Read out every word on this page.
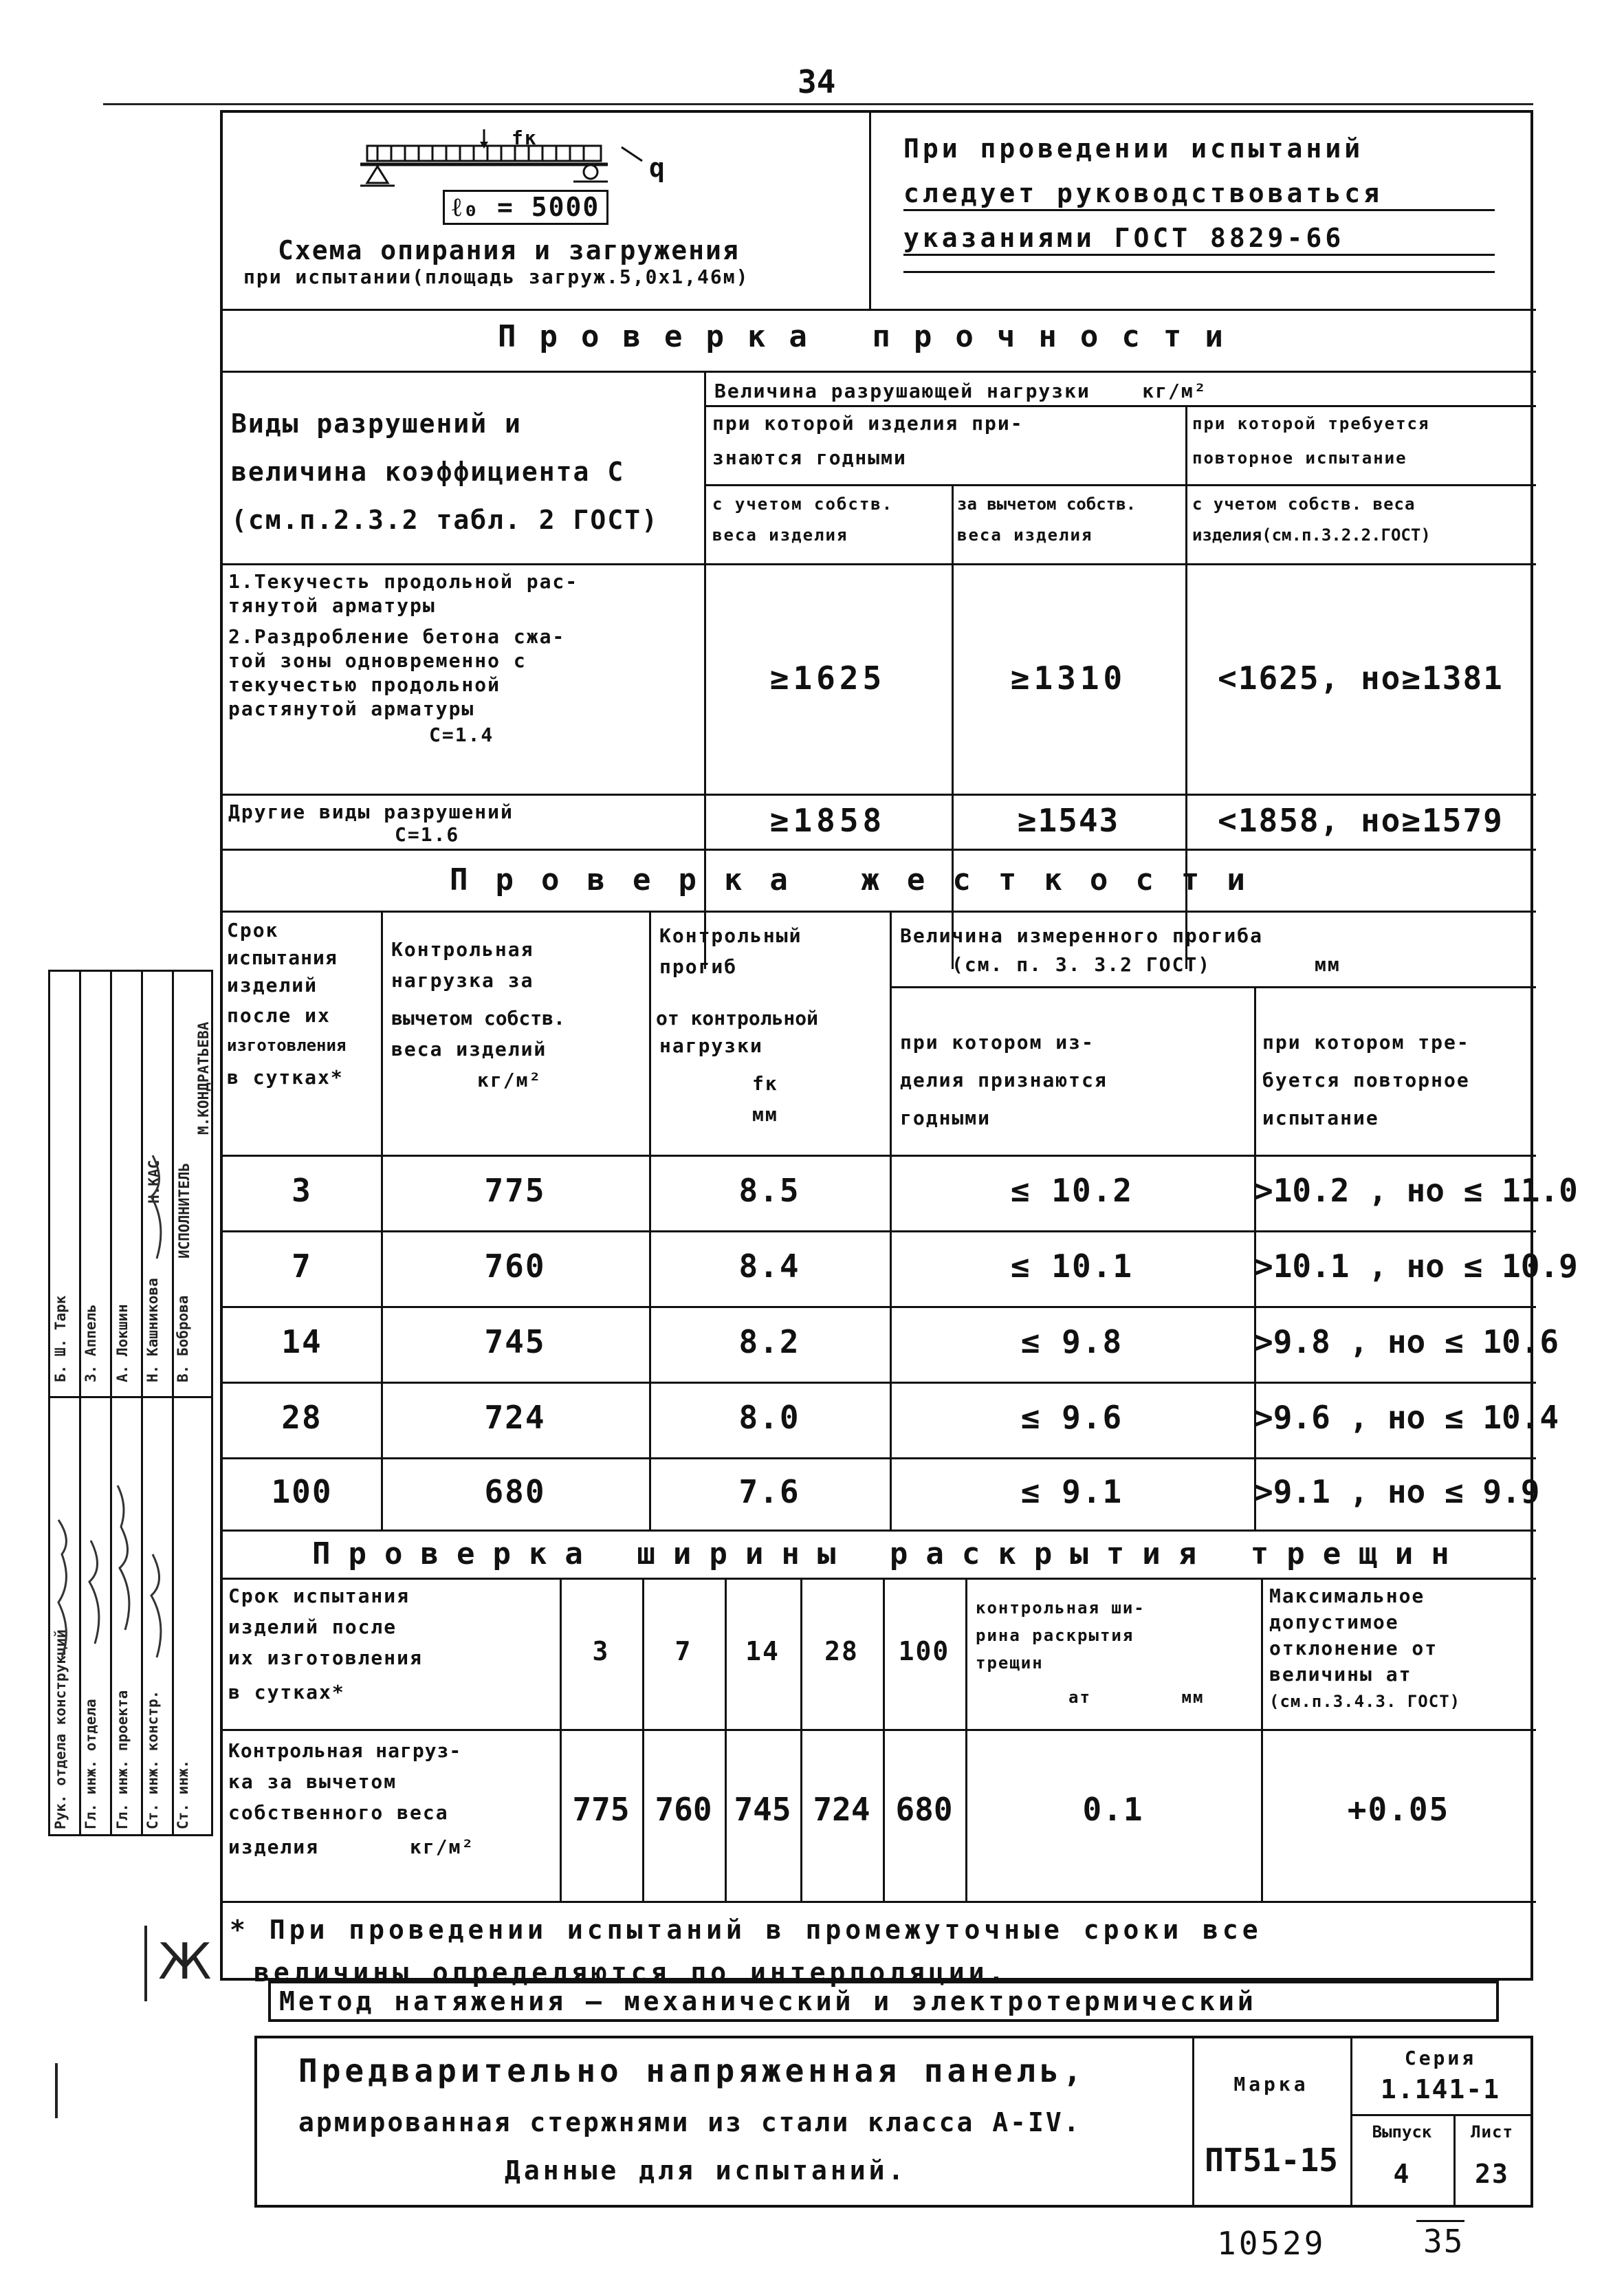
34
fк
q
ℓ₀ = 5000
Схема опирания и загружения
при испытании(площадь загруж.5,0х1,46м)
При проведении испытаний
следует руководствоваться
указаниями ГОСТ 8829-66
Проверка прочности
Виды разрушений и
величина коэффициента С
(см.п.2.3.2 табл. 2 ГОСТ)
Величина разрушающей нагрузки    кг/м²
при которой изделия при-
знаются годными
при которой требуется
повторное испытание
с учетом собств.
веса изделия
за вычетом собств.
веса изделия
с учетом собств. веса
изделия(см.п.3.2.2.ГОСТ)
1.Текучесть продольной рас-
тянутой арматуры
2.Раздробление бетона сжа-
той зоны одновременно с
текучестью продольной
растянутой арматуры
С=1.4
≥1625	≥1310	<1625, но≥1381
Другие виды разрушений
С=1.6	≥1858	≥1543	<1858, но≥1579
Проверка жесткости
Срок
испытания
изделий
после их
изготовления
в сутках*
Контрольная
нагрузка за
вычетом собств.
веса изделий
кг/м²
Контрольный
прогиб
от контрольной
нагрузки
fк
мм
Величина измеренного прогиба
(см. п. 3. 3.2 ГОСТ)        мм
при котором из-
делия признаются
годными
при котором тре-
буется повторное
испытание
3	775	8.5	≤ 10.2	>10.2 , но ≤ 11.0
7	760	8.4	≤ 10.1	>10.1 , но ≤ 10.9
14	745	8.2	≤ 9.8	>9.8 , но ≤ 10.6
28	724	8.0	≤ 9.6	>9.6 , но ≤ 10.4
100	680	7.6	≤ 9.1	>9.1 , но ≤ 9.9
Проверка ширины раскрытия трещин
Срок испытания
изделий после
их изготовления
в сутках*
3	7	14	28	100
контрольная ши-
рина раскрытия
трещин
aт        мм
Максимальное
допустимое
отклонение от
величины aт
(см.п.3.4.3. ГОСТ)
Контрольная нагруз-
ка за вычетом
собственного веса
изделия       кг/м²
775 760 745 724 680	0.1	+0.05
* При проведении испытаний в промежуточные сроки все
величины определяются по интерполяции.
Метод натяжения — механический и электротермический
Предварительно напряженная панель,
армированная стержнями из стали класса А-IV.
Данные для испытаний.
Марка
ПТ51-15
Серия
1.141-1
Выпуск
4
Лист
23
10529	35
Рук. отдела конструкций Гл. инж. отдела Гл. инж. проекта Ст. инж. констр. Ст. инж.
Б. Ш. Тарк З. Аппель А. Локшин Н. Кашникова В. Боброва
Н.КАС ИСПОЛНИТЕЛЬ
М.КОНДРАТЬЕВА
Ж
